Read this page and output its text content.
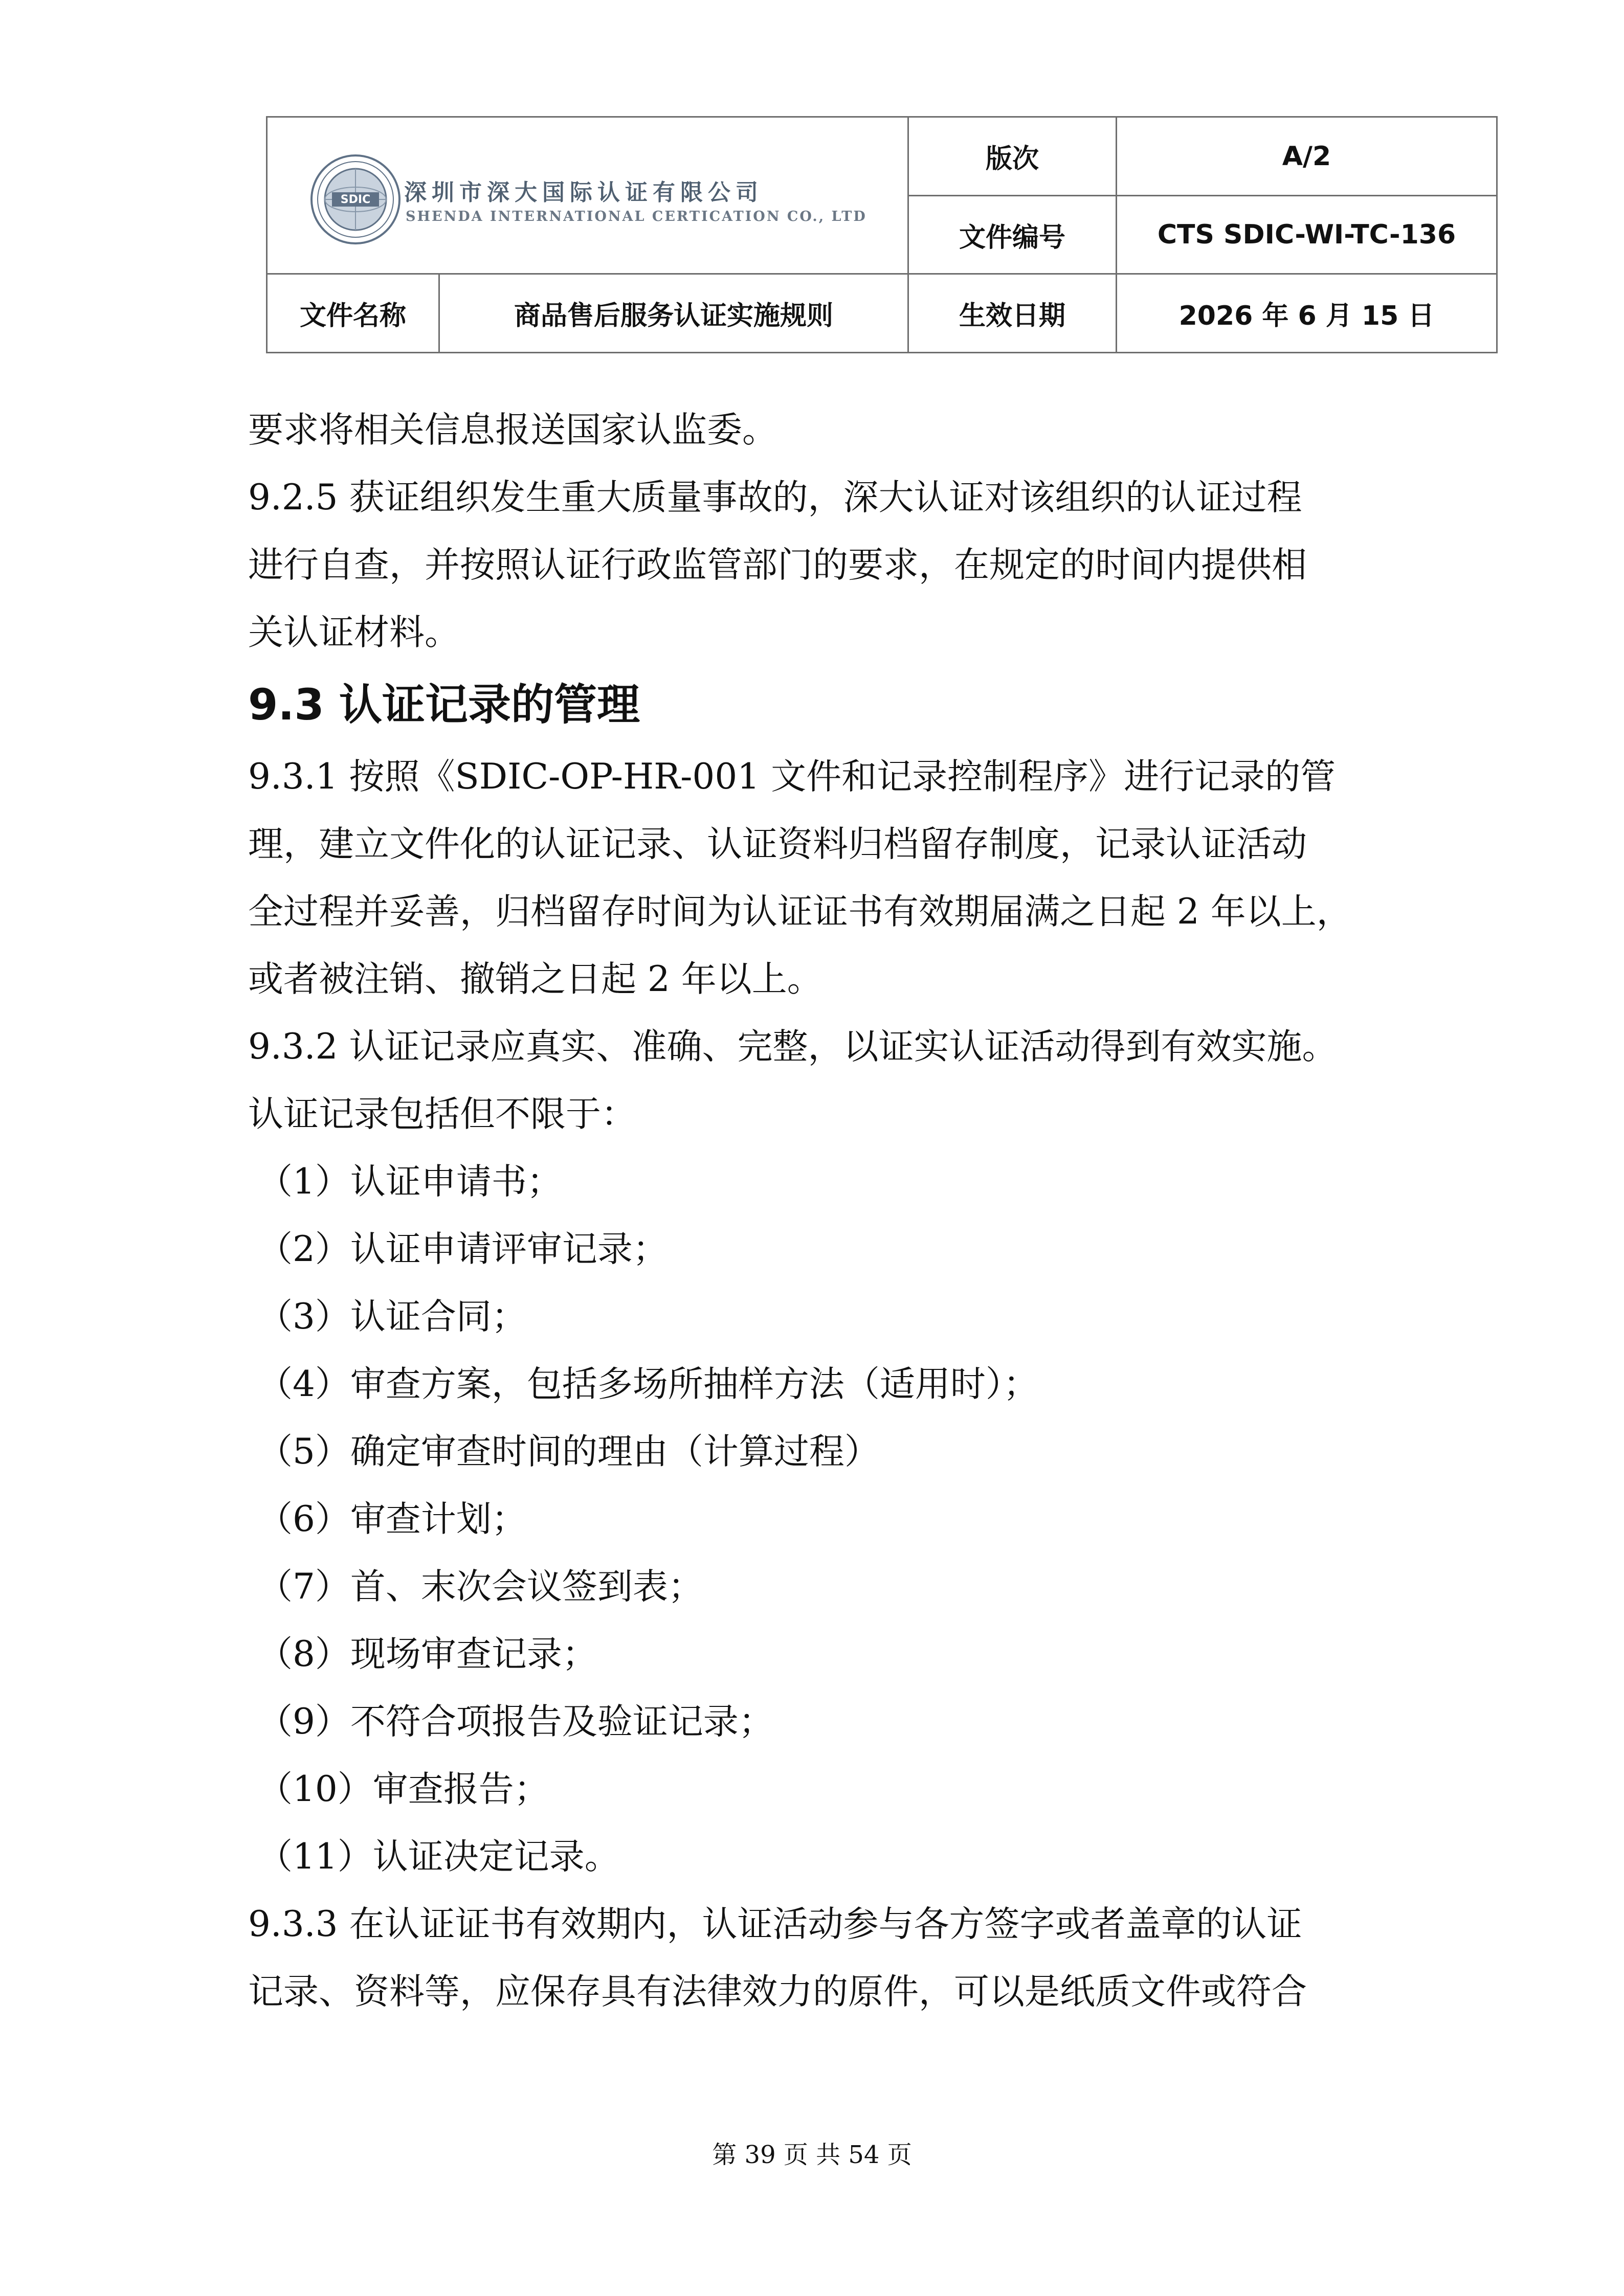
SDIC 深圳市深大国际认证有限公司
SHENDA INTERNATIONAL CERTICATION CO., LTD		版次	A/2
		文件编号	CTS SDIC-WI-TC-136
文件名称	商品售后服务认证实施规则	生效日期	2026 年 6 月 15 日
要求将相关信息报送国家认监委。
9.2.5 获证组织发生重大质量事故的，深大认证对该组织的认证过程
进行自查，并按照认证行政监管部门的要求，在规定的时间内提供相
关认证材料。
9.3 认证记录的管理
9.3.1 按照《SDIC-OP-HR-001 文件和记录控制程序》进行记录的管
理，建立文件化的认证记录、认证资料归档留存制度，记录认证活动
全过程并妥善，归档留存时间为认证证书有效期届满之日起 2 年以上，
或者被注销、撤销之日起 2 年以上。
9.3.2 认证记录应真实、准确、完整，以证实认证活动得到有效实施。
认证记录包括但不限于：
（1）认证申请书；
（2）认证申请评审记录；
（3）认证合同；
（4）审查方案，包括多场所抽样方法（适用时）；
（5）确定审查时间的理由（计算过程）
（6）审查计划；
（7）首、末次会议签到表；
（8）现场审查记录；
（9）不符合项报告及验证记录；
（10）审查报告；
（11）认证决定记录。
9.3.3 在认证证书有效期内，认证活动参与各方签字或者盖章的认证
记录、资料等，应保存具有法律效力的原件，可以是纸质文件或符合
第 39 页 共 54 页
